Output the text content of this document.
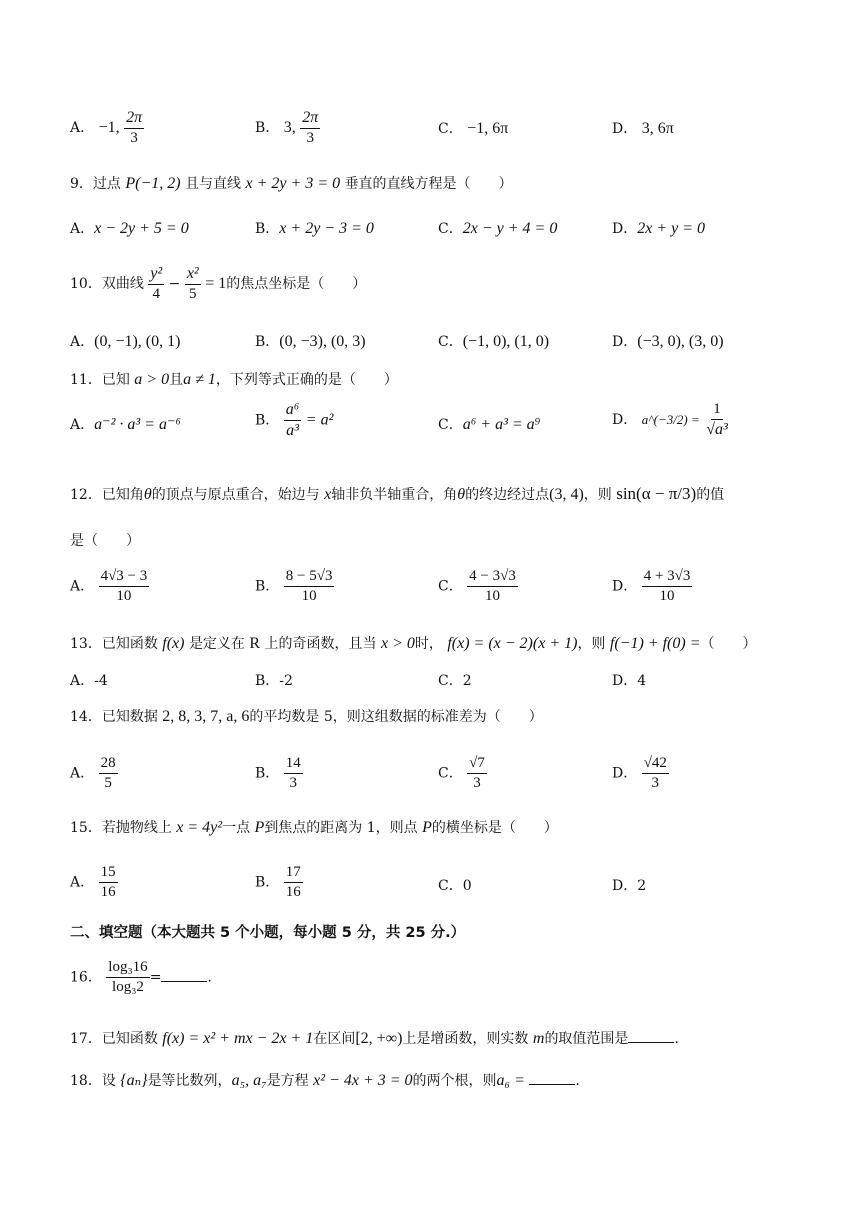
A． −1, $\frac{2\pi}{3}$	B． 3, $\frac{2\pi}{3}$	C． −1, 6π	D． 3, 6π
9．过点 P(−1, 2) 且与直线 x + 2y + 3 = 0 垂直的直线方程是（　　）
A．x − 2y + 5 = 0	B．x + 2y − 3 = 0	C．2x − y + 4 = 0	D．2x + y = 0
10．双曲线 $\frac{\text{y²}}{4} - \frac{\text{x²}}{5} = 1$的焦点坐标是（　　）
A．(0, −1), (0, 1)	B．(0, −3), (0, 3)	C．(−1, 0), (1, 0)	D．(−3, 0), (3, 0)
11．已知 a > 0且a ≠ 1，下列等式正确的是（　　）
A．a⁻² · a³ = a⁻⁶	B． $\frac{\text{a⁶}}{\text{a³}} = a^2$	C．a⁶ + a³ = a⁹	D． a^(−3/2) = $\frac{1}{\text{√a³}}$
12．已知角θ的顶点与原点重合，始边与 x轴非负半轴重合，角θ的终边经过点(3, 4)，则 sin(α − π/3)的值
是（　　）
A． $\frac{4√3 - 3}{10}$	B． $\frac{8 - 5√3}{10}$	C． $\frac{4 - 3√3}{10}$	D． $\frac{4 + 3√3}{10}$
13．已知函数 f(x) 是定义在 R 上的奇函数，且当 x > 0时， f(x) = (x − 2)(x + 1)，则 f(−1) + f(0) =（　　）
A．-4	B．-2	C．2	D．4
14．已知数据 2, 8, 3, 7, a, 6的平均数是 5，则这组数据的标准差为（　　）
A． $\frac{28}{5}$	B． $\frac{14}{3}$	C． $\frac{√7}{3}$	D． $\frac{√42}{3}$
15．若抛物线上 x = 4y²一点 P到焦点的距离为 1，则点 P的横坐标是（　　）
A． $\frac{15}{16}$	B． $\frac{17}{16}$	C．0	D．2
二、填空题（本大题共 5 个小题，每小题 5 分，共 25 分.）
16． $\frac{\text{log₃16}}{\text{log₃2}}$ =	.
17．已知函数 f(x) = x² + mx − 2x + 1在区间[2, +∞)上是增函数，则实数 m的取值范围是	.
18．设 {aₙ}是等比数列，a₅, a₇是方程 x² − 4x + 3 = 0的两个根，则a₆ =	.
